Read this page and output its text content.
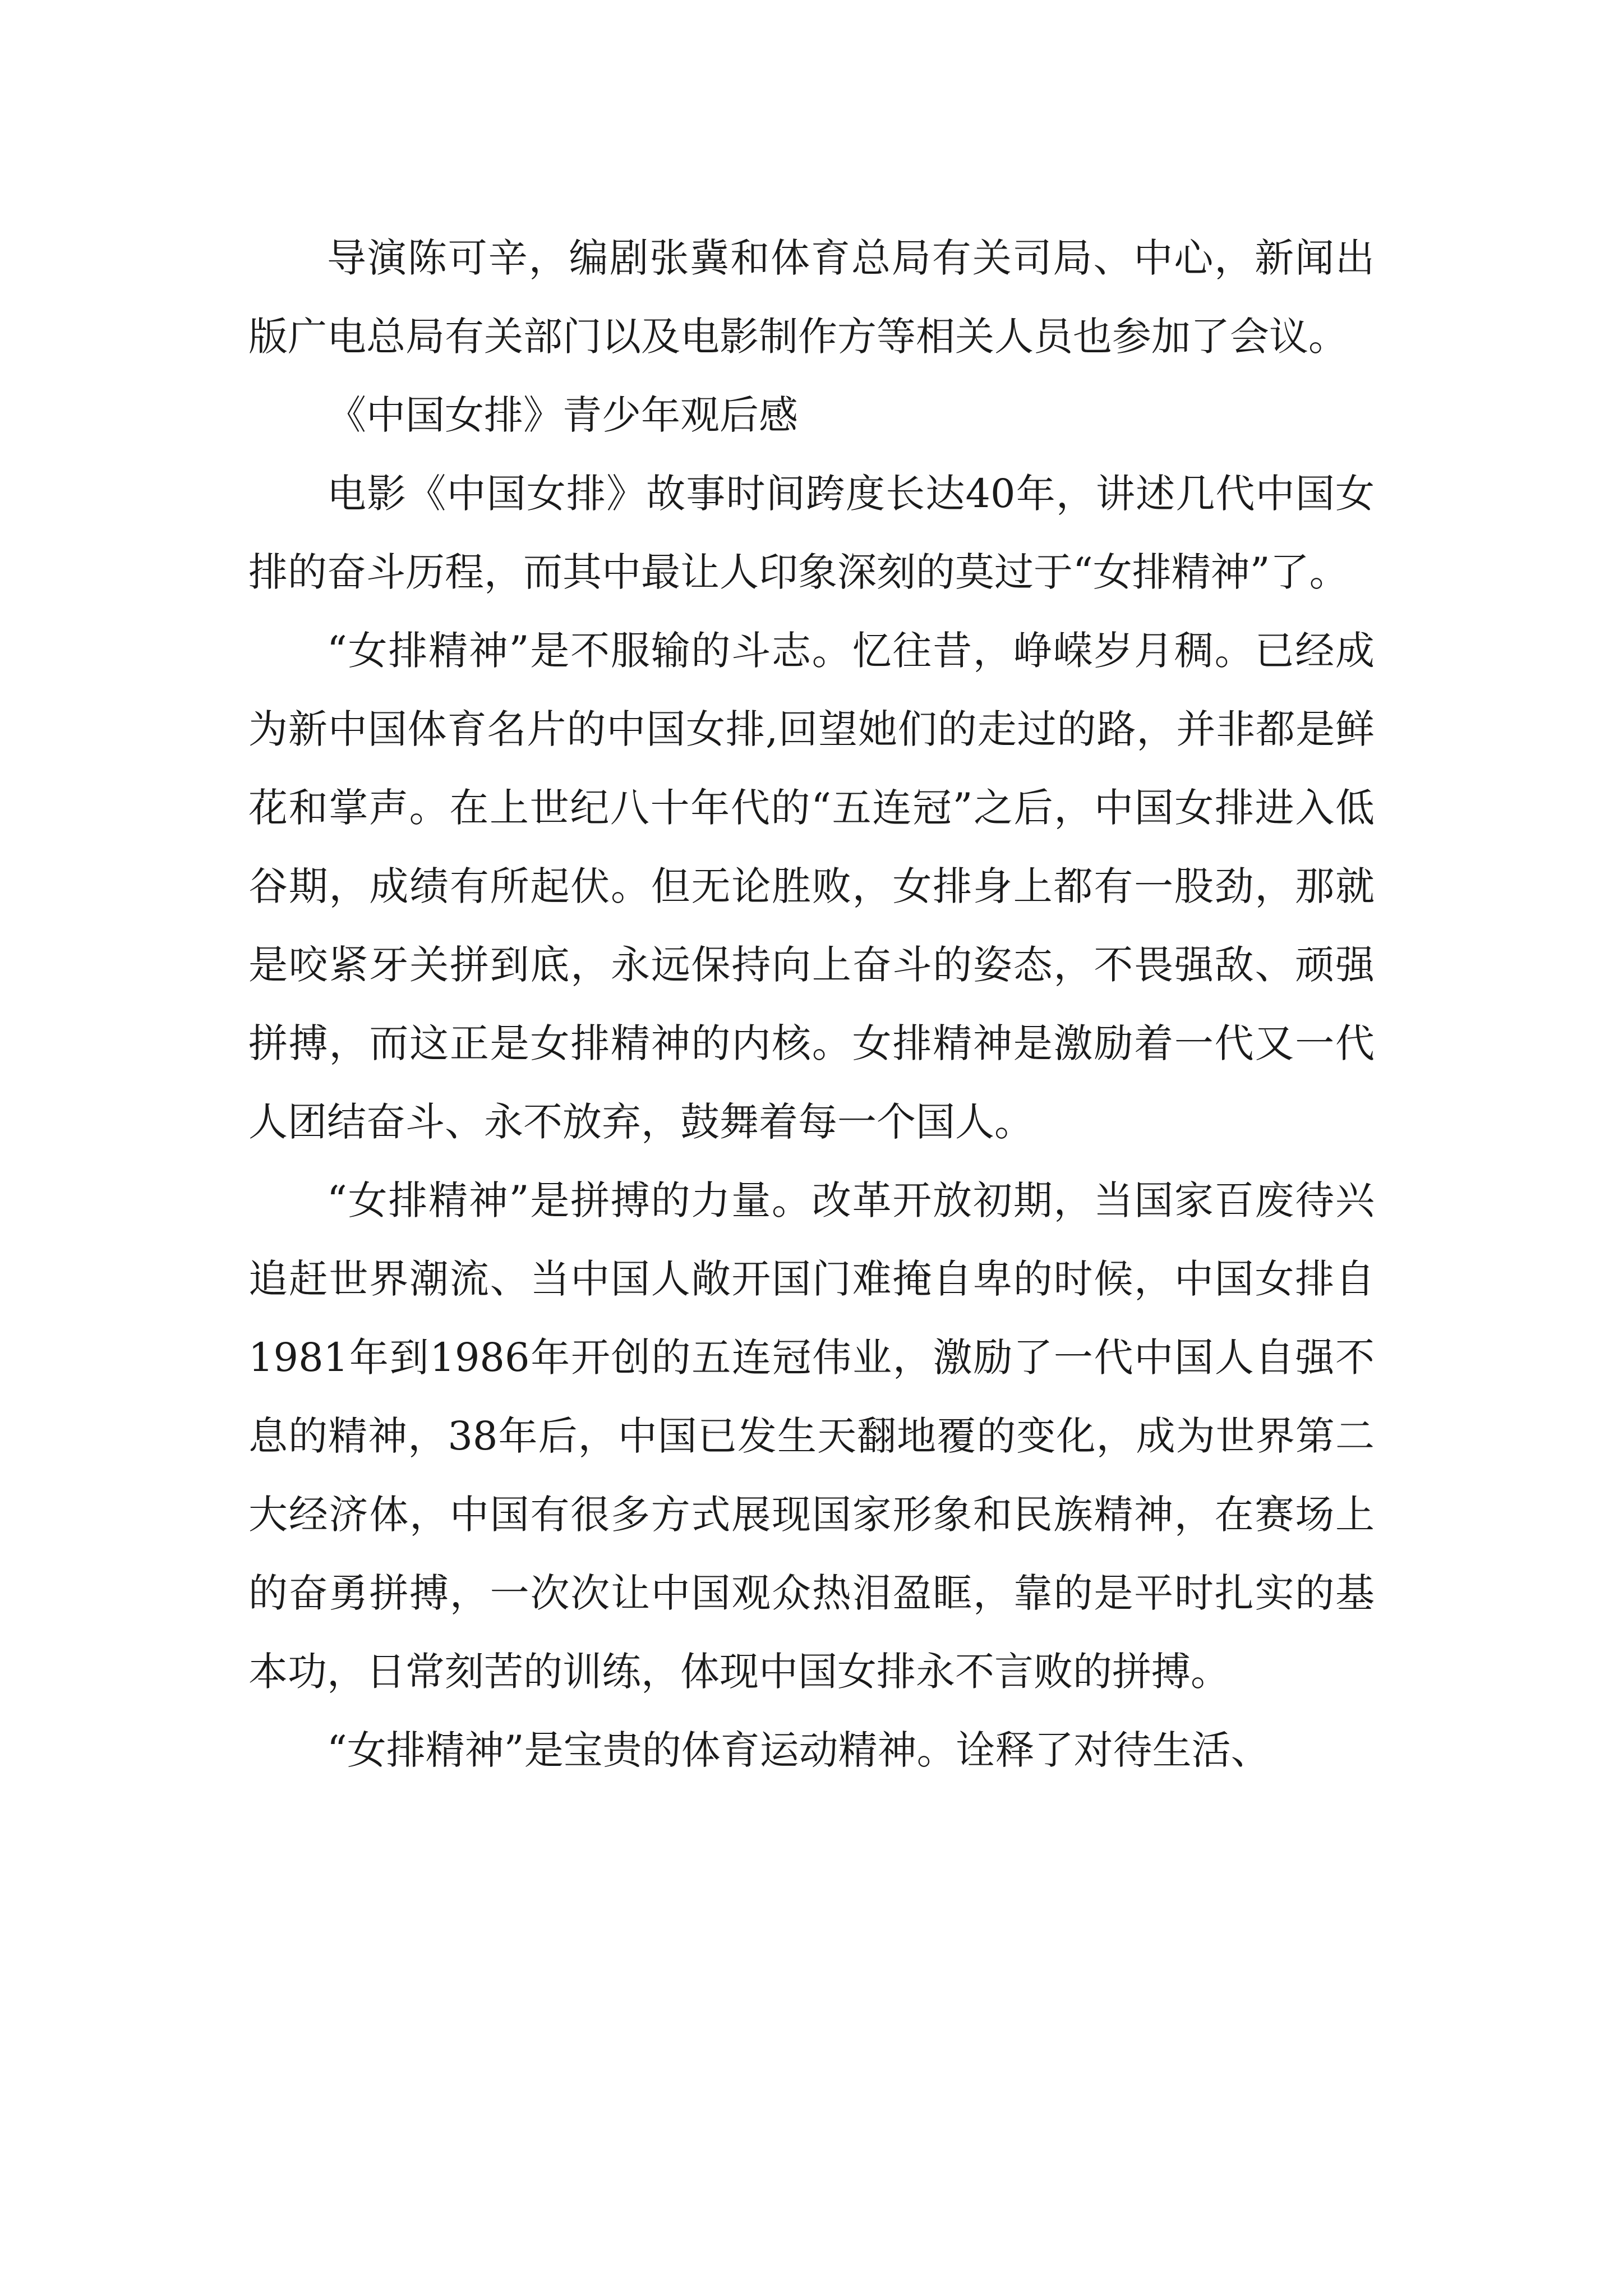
导演陈可辛，编剧张冀和体育总局有关司局、中心，新闻出版广电总局有关部门以及电影制作方等相关人员也参加了会议。

《中国女排》青少年观后感

电影《中国女排》故事时间跨度长达40年，讲述几代中国女排的奋斗历程，而其中最让人印象深刻的莫过于“女排精神”了。

“女排精神”是不服输的斗志。忆往昔，峥嵘岁月稠。已经成为新中国体育名片的中国女排,回望她们的走过的路，并非都是鲜花和掌声。在上世纪八十年代的“五连冠”之后，中国女排进入低谷期，成绩有所起伏。但无论胜败，女排身上都有一股劲，那就是咬紧牙关拼到底，永远保持向上奋斗的姿态，不畏强敌、顽强拼搏，而这正是女排精神的内核。女排精神是激励着一代又一代人团结奋斗、永不放弃，鼓舞着每一个国人。

“女排精神”是拼搏的力量。改革开放初期，当国家百废待兴追赶世界潮流、当中国人敞开国门难掩自卑的时候，中国女排自1981年到1986年开创的五连冠伟业，激励了一代中国人自强不息的精神，38年后，中国已发生天翻地覆的变化，成为世界第二大经济体，中国有很多方式展现国家形象和民族精神，在赛场上的奋勇拼搏，一次次让中国观众热泪盈眶，靠的是平时扎实的基本功，日常刻苦的训练，体现中国女排永不言败的拼搏。

“女排精神”是宝贵的体育运动精神。诠释了对待生活、
